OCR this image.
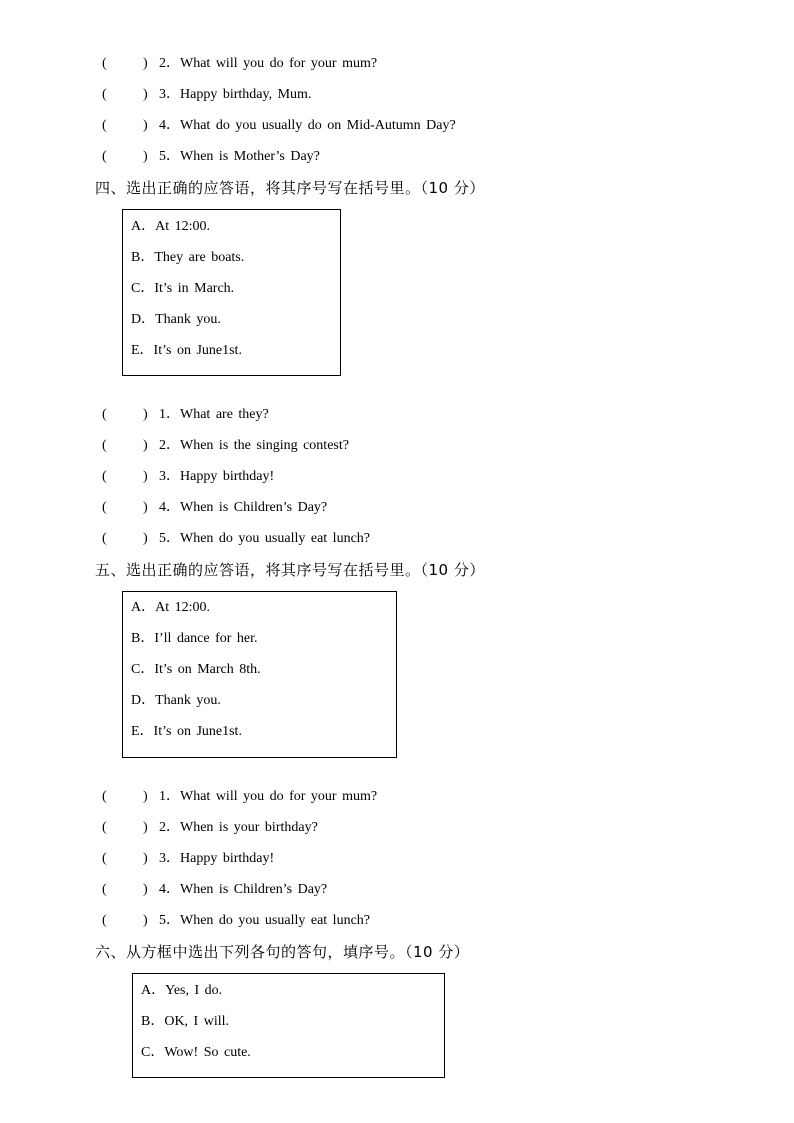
(	) 2．What will you do for your mum?
(	) 3．Happy birthday, Mum.
(	) 4．What do you usually do on Mid-Autumn Day?
(	) 5．When is Mother’s Day?
四、选出正确的应答语，将其序号写在括号里。（10 分）
A．At 12:00.
B．They are boats.
C．It’s in March.
D．Thank you.
E．It’s on June1st.
(	) 1．What are they?
(	) 2．When is the singing contest?
(	) 3．Happy birthday!
(	) 4．When is Children’s Day?
(	) 5．When do you usually eat lunch?
五、选出正确的应答语，将其序号写在括号里。（10 分）
A．At 12:00.
B．I’ll dance for her.
C．It’s on March 8th.
D．Thank you.
E．It’s on June1st.
(	) 1．What will you do for your mum?
(	) 2．When is your birthday?
(	) 3．Happy birthday!
(	) 4．When is Children’s Day?
(	) 5．When do you usually eat lunch?
六、从方框中选出下列各句的答句，填序号。（10 分）
A．Yes, I do.
B．OK, I will.
C．Wow! So cute.
